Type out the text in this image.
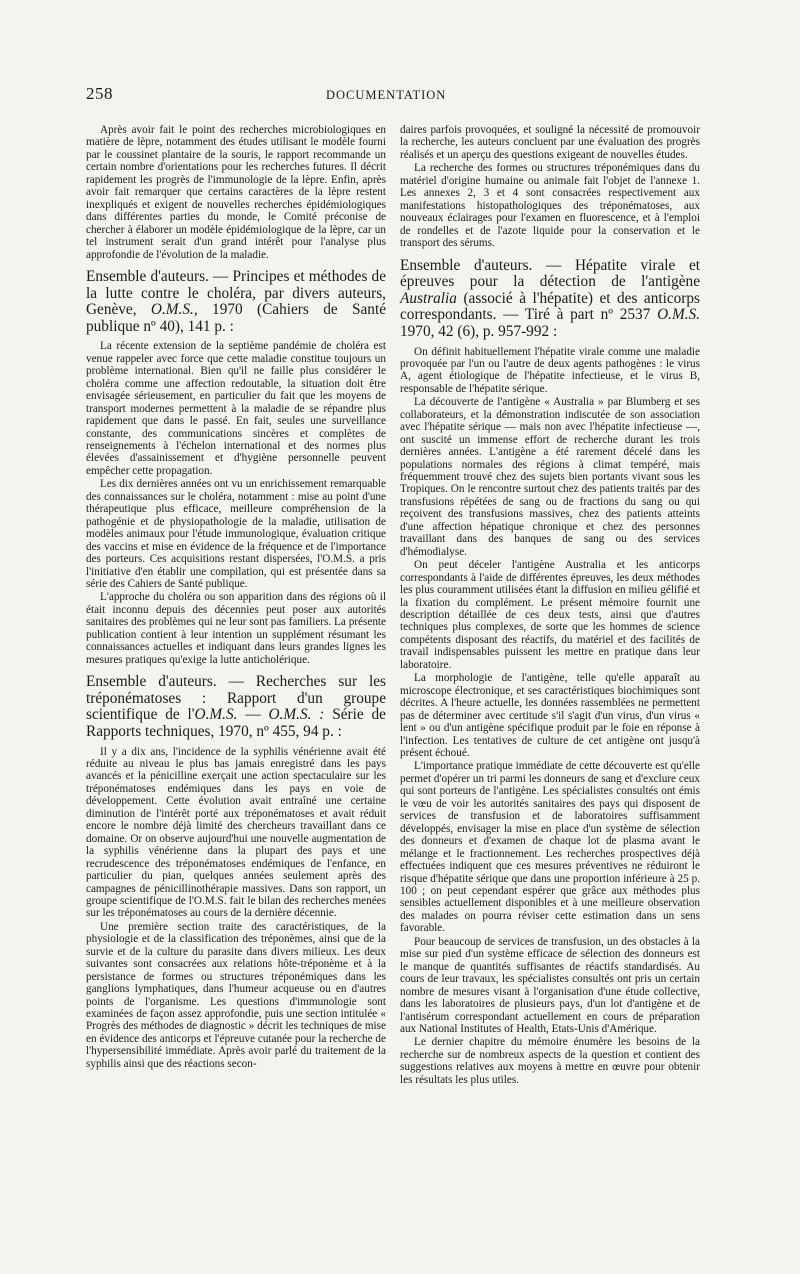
258	DOCUMENTATION

Après avoir fait le point des recherches microbiologiques en matière de lèpre, notamment des études utilisant le modèle fourni par le coussinet plantaire de la souris, le rapport recommande un certain nombre d'orientations pour les recherches futures. Il décrit rapidement les progrès de l'immunologie de la lèpre. Enfin, après avoir fait remarquer que certains caractères de la lèpre restent inexpliqués et exigent de nouvelles recherches épidémiologiques dans différentes parties du monde, le Comité préconise de chercher à élaborer un modèle épidémiologique de la lèpre, car un tel instrument serait d'un grand intérêt pour l'analyse plus approfondie de l'évolution de la maladie.

Ensemble d'auteurs. — Principes et méthodes de la lutte contre le choléra, par divers auteurs, Genève, O.M.S., 1970 (Cahiers de Santé publique nº 40), 141 p. :

La récente extension de la septième pandémie de choléra est venue rappeler avec force que cette maladie constitue toujours un problème international. Bien qu'il ne faille plus considérer le choléra comme une affection redoutable, la situation doit être envisagée sérieusement, en particulier du fait que les moyens de transport modernes permettent à la maladie de se répandre plus rapidement que dans le passé. En fait, seules une surveillance constante, des communications sincères et complètes de renseignements à l'échelon international et des normes plus élevées d'assainissement et d'hygiène personnelle peuvent empêcher cette propagation.

Les dix dernières années ont vu un enrichissement remarquable des connaissances sur le choléra, notamment : mise au point d'une thérapeutique plus efficace, meilleure compréhension de la pathogénie et de physiopathologie de la maladie, utilisation de modèles animaux pour l'étude immunologique, évaluation critique des vaccins et mise en évidence de la fréquence et de l'importance des porteurs. Ces acquisitions restant dispersées, l'O.M.S. a pris l'initiative d'en établir une compilation, qui est présentée dans sa série des Cahiers de Santé publique.

L'approche du choléra ou son apparition dans des régions où il était inconnu depuis des décennies peut poser aux autorités sanitaires des problèmes qui ne leur sont pas familiers. La présente publication contient à leur intention un supplément résumant les connaissances actuelles et indiquant dans leurs grandes lignes les mesures pratiques qu'exige la lutte anticholérique.

Ensemble d'auteurs. — Recherches sur les tréponématoses : Rapport d'un groupe scientifique de l'O.M.S. — O.M.S. : Série de Rapports techniques, 1970, nº 455, 94 p. :

Il y a dix ans, l'incidence de la syphilis vénérienne avait été réduite au niveau le plus bas jamais enregistré dans les pays avancés et la pénicilline exerçait une action spectaculaire sur les tréponématoses endémiques dans les pays en voie de développement. Cette évolution avait entraîné une certaine diminution de l'intérêt porté aux tréponématoses et avait réduit encore le nombre déjà limité des chercheurs travaillant dans ce domaine. Or on observe aujourd'hui une nouvelle augmentation de la syphilis vénérienne dans la plupart des pays et une recrudescence des tréponématoses endémiques de l'enfance, en particulier du pian, quelques années seulement après des campagnes de pénicillinothérapie massives. Dans son rapport, un groupe scientifique de l'O.M.S. fait le bilan des recherches menées sur les tréponématoses au cours de la dernière décennie.

Une première section traite des caractéristiques, de la physiologie et de la classification des tréponèmes, ainsi que de la survie et de la culture du parasite dans divers milieux. Les deux suivantes sont consacrées aux relations hôte-tréponème et à la persistance de formes ou structures tréponémiques dans les ganglions lymphatiques, dans l'humeur acqueuse ou en d'autres points de l'organisme. Les questions d'immunologie sont examinées de façon assez approfondie, puis une section intitulée « Progrès des méthodes de diagnostic » décrit les techniques de mise en évidence des anticorps et l'épreuve cutanée pour la recherche de l'hypersensibilité immédiate. Après avoir parlé du traitement de la syphilis ainsi que des réactions secon-

daires parfois provoquées, et souligné la nécessité de promouvoir la recherche, les auteurs concluent par une évaluation des progrès réalisés et un aperçu des questions exigeant de nouvelles études.

La recherche des formes ou structures tréponémiques dans du matériel d'origine humaine ou animale fait l'objet de l'annexe 1. Les annexes 2, 3 et 4 sont consacrées respectivement aux manifestations histopathologiques des tréponématoses, aux nouveaux éclairages pour l'examen en fluorescence, et à l'emploi de rondelles et de l'azote liquide pour la conservation et le transport des sérums.

Ensemble d'auteurs. — Hépatite virale et épreuves pour la détection de l'antigène Australia (associé à l'hépatite) et des anticorps correspondants. — Tiré à part nº 2537 O.M.S. 1970, 42 (6), p. 957-992 :

On définit habituellement l'hépatite virale comme une maladie provoquée par l'un ou l'autre de deux agents pathogènes : le virus A, agent étiologique de l'hépatite infectieuse, et le virus B, responsable de l'hépatite sérique.

La découverte de l'antigène « Australia » par Blumberg et ses collaborateurs, et la démonstration indiscutée de son association avec l'hépatite sérique — mais non avec l'hépatite infectieuse —, ont suscité un immense effort de recherche durant les trois dernières années. L'antigène a été rarement décelé dans les populations normales des régions à climat tempéré, mais fréquemment trouvé chez des sujets bien portants vivant sous les Tropiques. On le rencontre surtout chez des patients traités par des transfusions répétées de sang ou de fractions du sang ou qui reçoivent des transfusions massives, chez des patients atteints d'une affection hépatique chronique et chez des personnes travaillant dans des banques de sang ou des services d'hémodialyse.

On peut déceler l'antigène Australia et les anticorps correspondants à l'aide de différentes épreuves, les deux méthodes les plus couramment utilisées étant la diffusion en milieu gélifié et la fixation du complément. Le présent mémoire fournit une description détaillée de ces deux tests, ainsi que d'autres techniques plus complexes, de sorte que les hommes de science compétents disposant des réactifs, du matériel et des facilités de travail indispensables puissent les mettre en pratique dans leur laboratoire.

La morphologie de l'antigène, telle qu'elle apparaît au microscope électronique, et ses caractéristiques biochimiques sont décrites. A l'heure actuelle, les données rassemblées ne permettent pas de déterminer avec certitude s'il s'agit d'un virus, d'un virus « lent » ou d'un antigène spécifique produit par le foie en réponse à l'infection. Les tentatives de culture de cet antigène ont jusqu'à présent échoué.

L'importance pratique immédiate de cette découverte est qu'elle permet d'opérer un tri parmi les donneurs de sang et d'exclure ceux qui sont porteurs de l'antigène. Les spécialistes consultés ont émis le vœu de voir les autorités sanitaires des pays qui disposent de services de transfusion et de laboratoires suffisamment développés, envisager la mise en place d'un système de sélection des donneurs et d'examen de chaque lot de plasma avant le mélange et le fractionnement. Les recherches prospectives déjà effectuées indiquent que ces mesures préventives ne réduiront le risque d'hépatite sérique que dans une proportion inférieure à 25 p. 100 ; on peut cependant espérer que grâce aux méthodes plus sensibles actuellement disponibles et à une meilleure observation des malades on pourra réviser cette estimation dans un sens favorable.

Pour beaucoup de services de transfusion, un des obstacles à la mise sur pied d'un système efficace de sélection des donneurs est le manque de quantités suffisantes de réactifs standardisés. Au cours de leur travaux, les spécialistes consultés ont pris un certain nombre de mesures visant à l'organisation d'une étude collective, dans les laboratoires de plusieurs pays, d'un lot d'antigène et de l'antisérum correspondant actuellement en cours de préparation aux National Institutes of Health, Etats-Unis d'Amérique.

Le dernier chapitre du mémoire énumère les besoins de la recherche sur de nombreux aspects de la question et contient des suggestions relatives aux moyens à mettre en œuvre pour obtenir les résultats les plus utiles.
